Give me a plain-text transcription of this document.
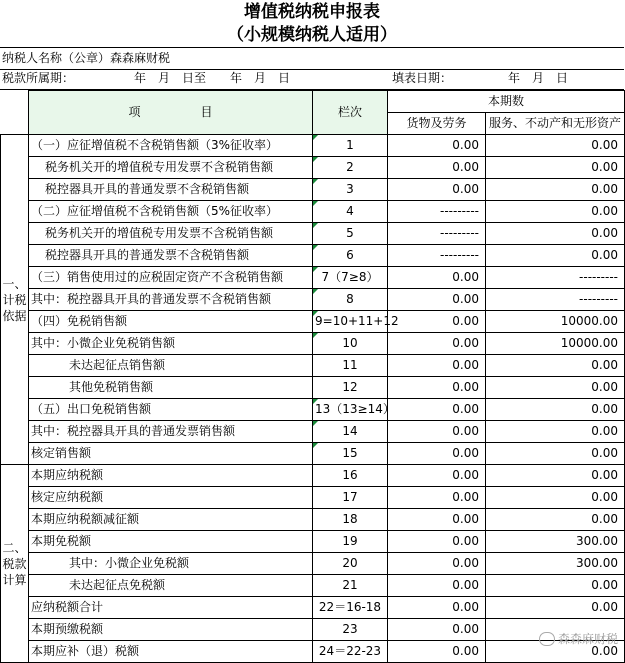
增值税纳税申报表
（小规模纳税人适用）
纳税人名称（公章）森森麻财税
税款所属期：	年　月　日至　　年　月　日	填表日期：	年　月　日
	项　　　　　目	栏次	本期数	
			货物及劳务	服务、不动产和无形资产
一、计税依据	（一）应征增值税不含税销售额（3%征收率）	1	0.00	0.00
	税务机关开的增值税专用发票不含税销售额	2	0.00	0.00
	税控器具开具的普通发票不含税销售额	3	0.00	0.00
	（二）应征增值税不含税销售额（5%征收率）	4	---------	0.00
	税务机关开的增值税专用发票不含税销售额	5	---------	0.00
	税控器具开具的普通发票不含税销售额	6	---------	0.00
	（三）销售使用过的应税固定资产不含税销售额	7（7≥8）	0.00	---------
	其中：税控器具开具的普通发票不含税销售额	8	0.00	---------
	（四）免税销售额	9=10+11+12	0.00	10000.00
	其中：小微企业免税销售额	10	0.00	10000.00
	未达起征点销售额	11	0.00	0.00
	其他免税销售额	12	0.00	0.00
	（五）出口免税销售额	13（13≥14）	0.00	0.00
	其中：税控器具开具的普通发票销售额	14	0.00	0.00
	核定销售额	15	0.00	0.00
二、税款计算	本期应纳税额	16	0.00	0.00
	核定应纳税额	17	0.00	0.00
	本期应纳税额减征额	18	0.00	0.00
	本期免税额	19	0.00	300.00
	其中：小微企业免税额	20	0.00	300.00
	未达起征点免税额	21	0.00	0.00
	应纳税额合计	22＝16-18	0.00	0.00
	本期预缴税额	23	0.00	
	本期应补（退）税额	24＝22-23	0.00	0.00
森森麻财税
